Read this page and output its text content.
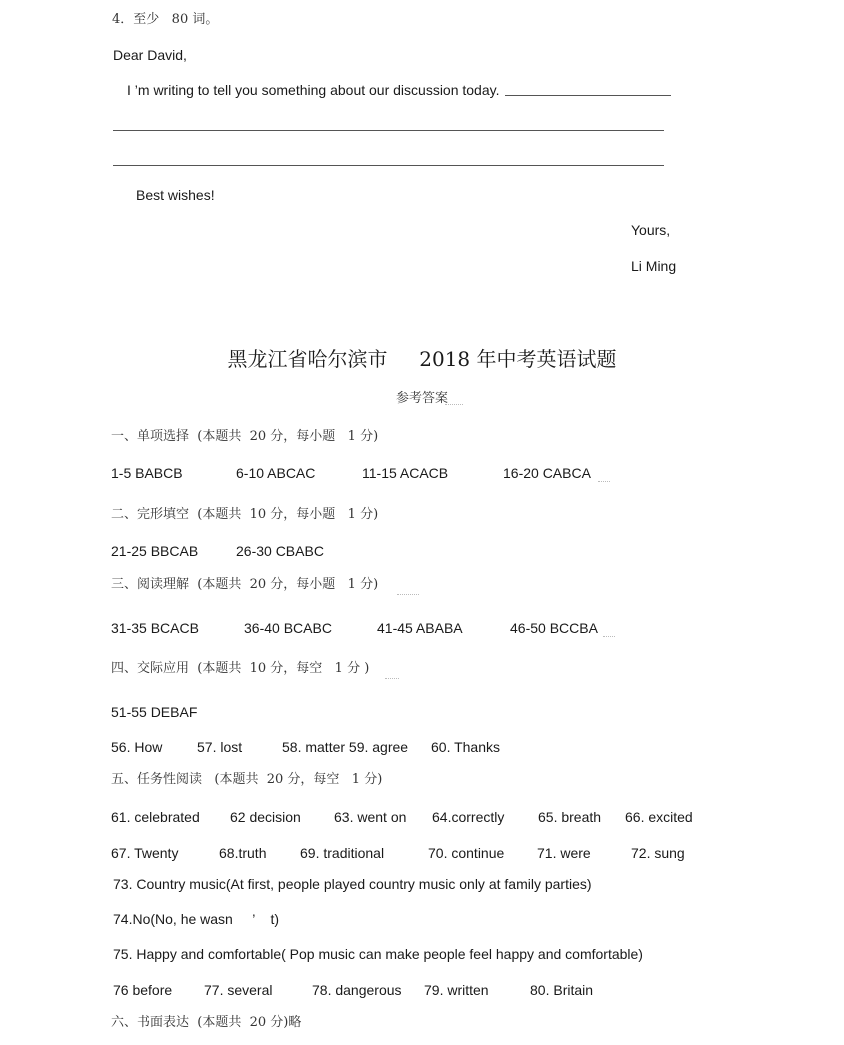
4．至少   80 词。
Dear David,
I ’m writing to tell you something about our discussion today.
Best wishes!
Yours,
Li Ming
黑龙江省哈尔滨市     2018 年中考英语试题
参考答案
一、单项选择  (本题共  20 分，每小题   1 分)
1-5 BABCB	6-10 ABCAC	11-15 ACACB	16-20 CABCA
二、完形填空  (本题共  10 分，每小题   1 分)
21-25 BBCAB	26-30 CBABC
三、阅读理解  (本题共  20 分，每小题   1 分)
31-35 BCACB	36-40 BCABC	41-45 ABABA	46-50 BCCBA
四、交际应用  (本题共  10 分，每空   1 分 )
51-55 DEBAF
56. How 57. lost	58. matter 59. agree 60. Thanks
五、任务性阅读   (本题共  20 分，每空   1 分)
61. celebrated 62 decision 63. went on 64.correctly 65. breath 66. excited
67. Twenty	68.truth 69. traditional	70. continue 71. were	72. sung
73. Country music(At first, people played country music only at family parties)
74.No(No, he wasn     ’    t)
75. Happy and comfortable( Pop music can make people feel happy and comfortable)
76 before 77. several	78. dangerous 79. written	80. Britain
六、书面表达  (本题共  20 分)略
